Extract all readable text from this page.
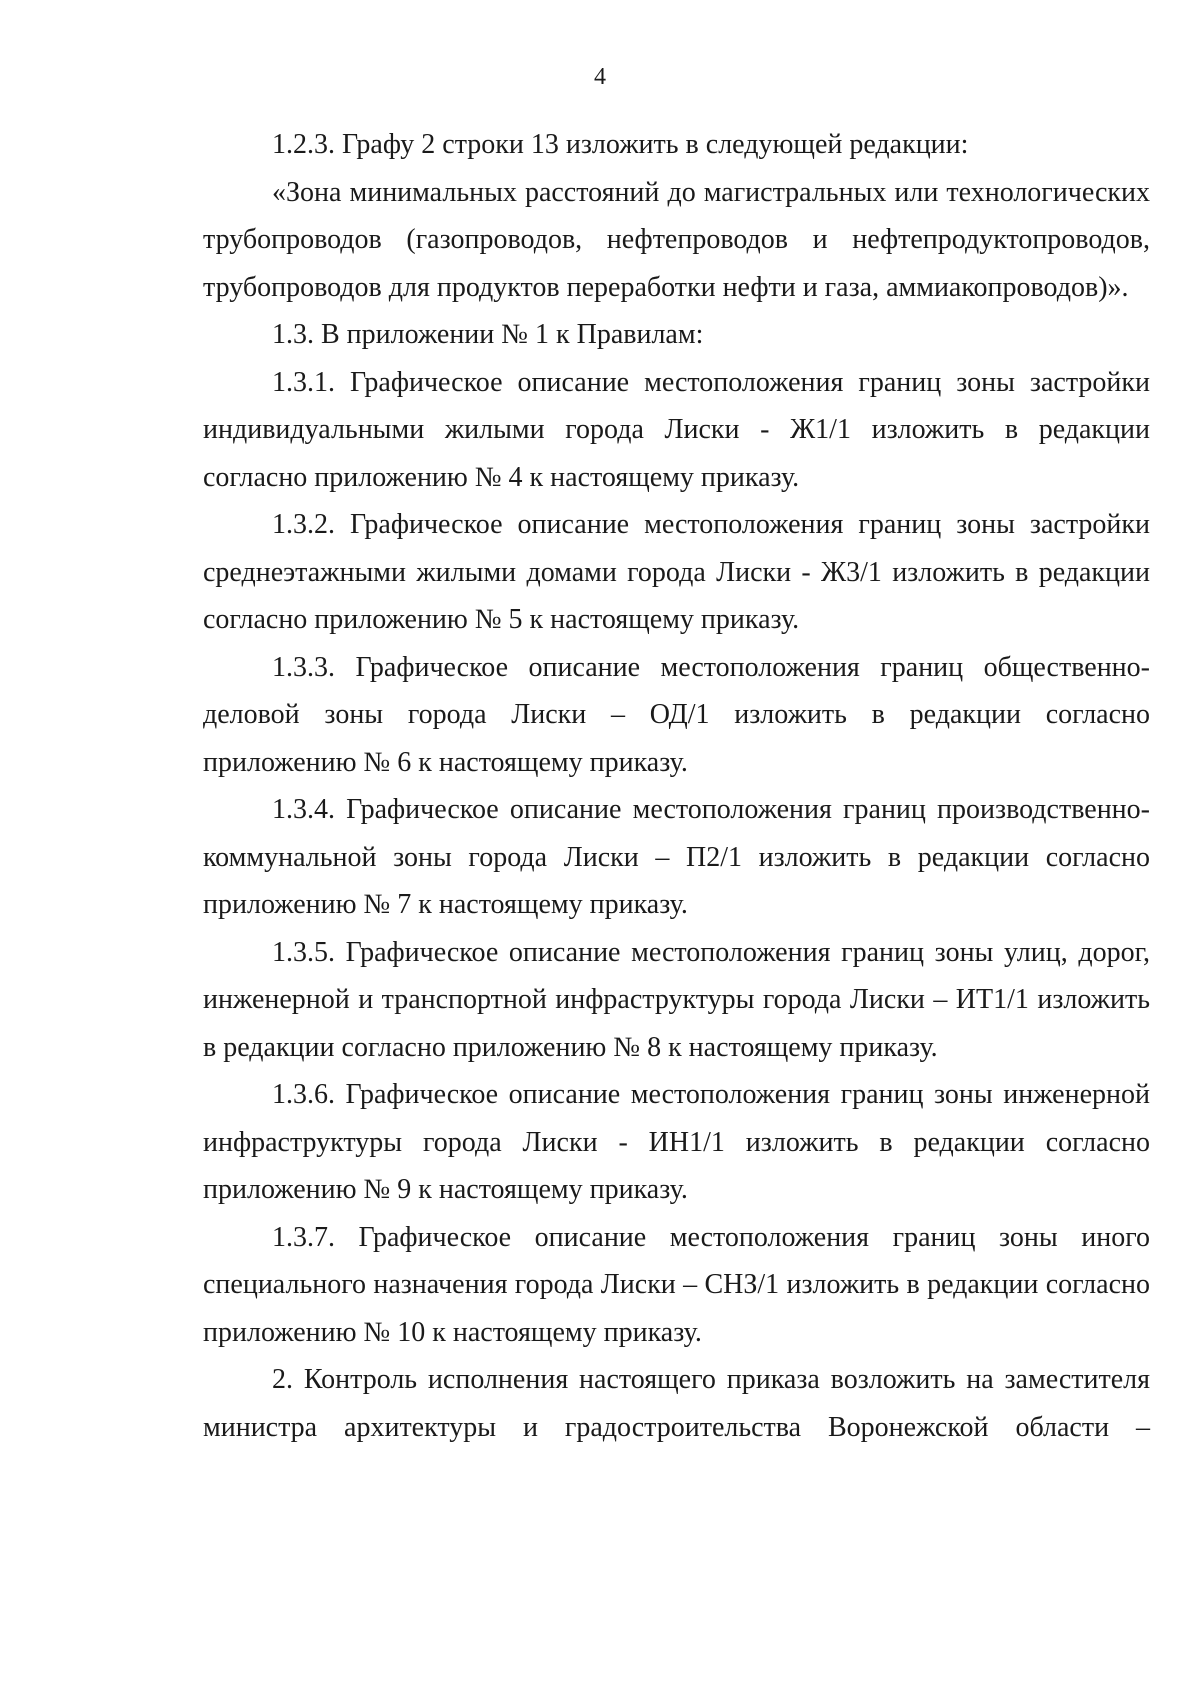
4

1.2.3. Графу 2 строки 13 изложить в следующей редакции:

«Зона минимальных расстояний до магистральных или технологических трубопроводов (газопроводов, нефтепроводов и нефтепродуктопроводов, трубопроводов для продуктов переработки нефти и газа, аммиакопроводов)».

1.3. В приложении № 1 к Правилам:

1.3.1. Графическое описание местоположения границ зоны застройки индивидуальными жилыми города Лиски - Ж1/1 изложить в редакции согласно приложению № 4 к настоящему приказу.

1.3.2. Графическое описание местоположения границ зоны застройки среднеэтажными жилыми домами города Лиски - Ж3/1 изложить в редакции согласно приложению № 5 к настоящему приказу.

1.3.3. Графическое описание местоположения границ общественно-деловой зоны города Лиски – ОД/1 изложить в редакции согласно приложению № 6 к настоящему приказу.

1.3.4. Графическое описание местоположения границ производственно-коммунальной зоны города Лиски – П2/1 изложить в редакции согласно приложению № 7 к настоящему приказу.

1.3.5. Графическое описание местоположения границ зоны улиц, дорог, инженерной и транспортной инфраструктуры города Лиски – ИТ1/1 изложить в редакции согласно приложению № 8 к настоящему приказу.

1.3.6. Графическое описание местоположения границ зоны инженерной инфраструктуры города Лиски - ИН1/1 изложить в редакции согласно приложению № 9 к настоящему приказу.

1.3.7. Графическое описание местоположения границ зоны иного специального назначения города Лиски – СНЗ/1 изложить в редакции согласно приложению № 10 к настоящему приказу.

2. Контроль исполнения настоящего приказа возложить на заместителя министра архитектуры и градостроительства Воронежской области –
